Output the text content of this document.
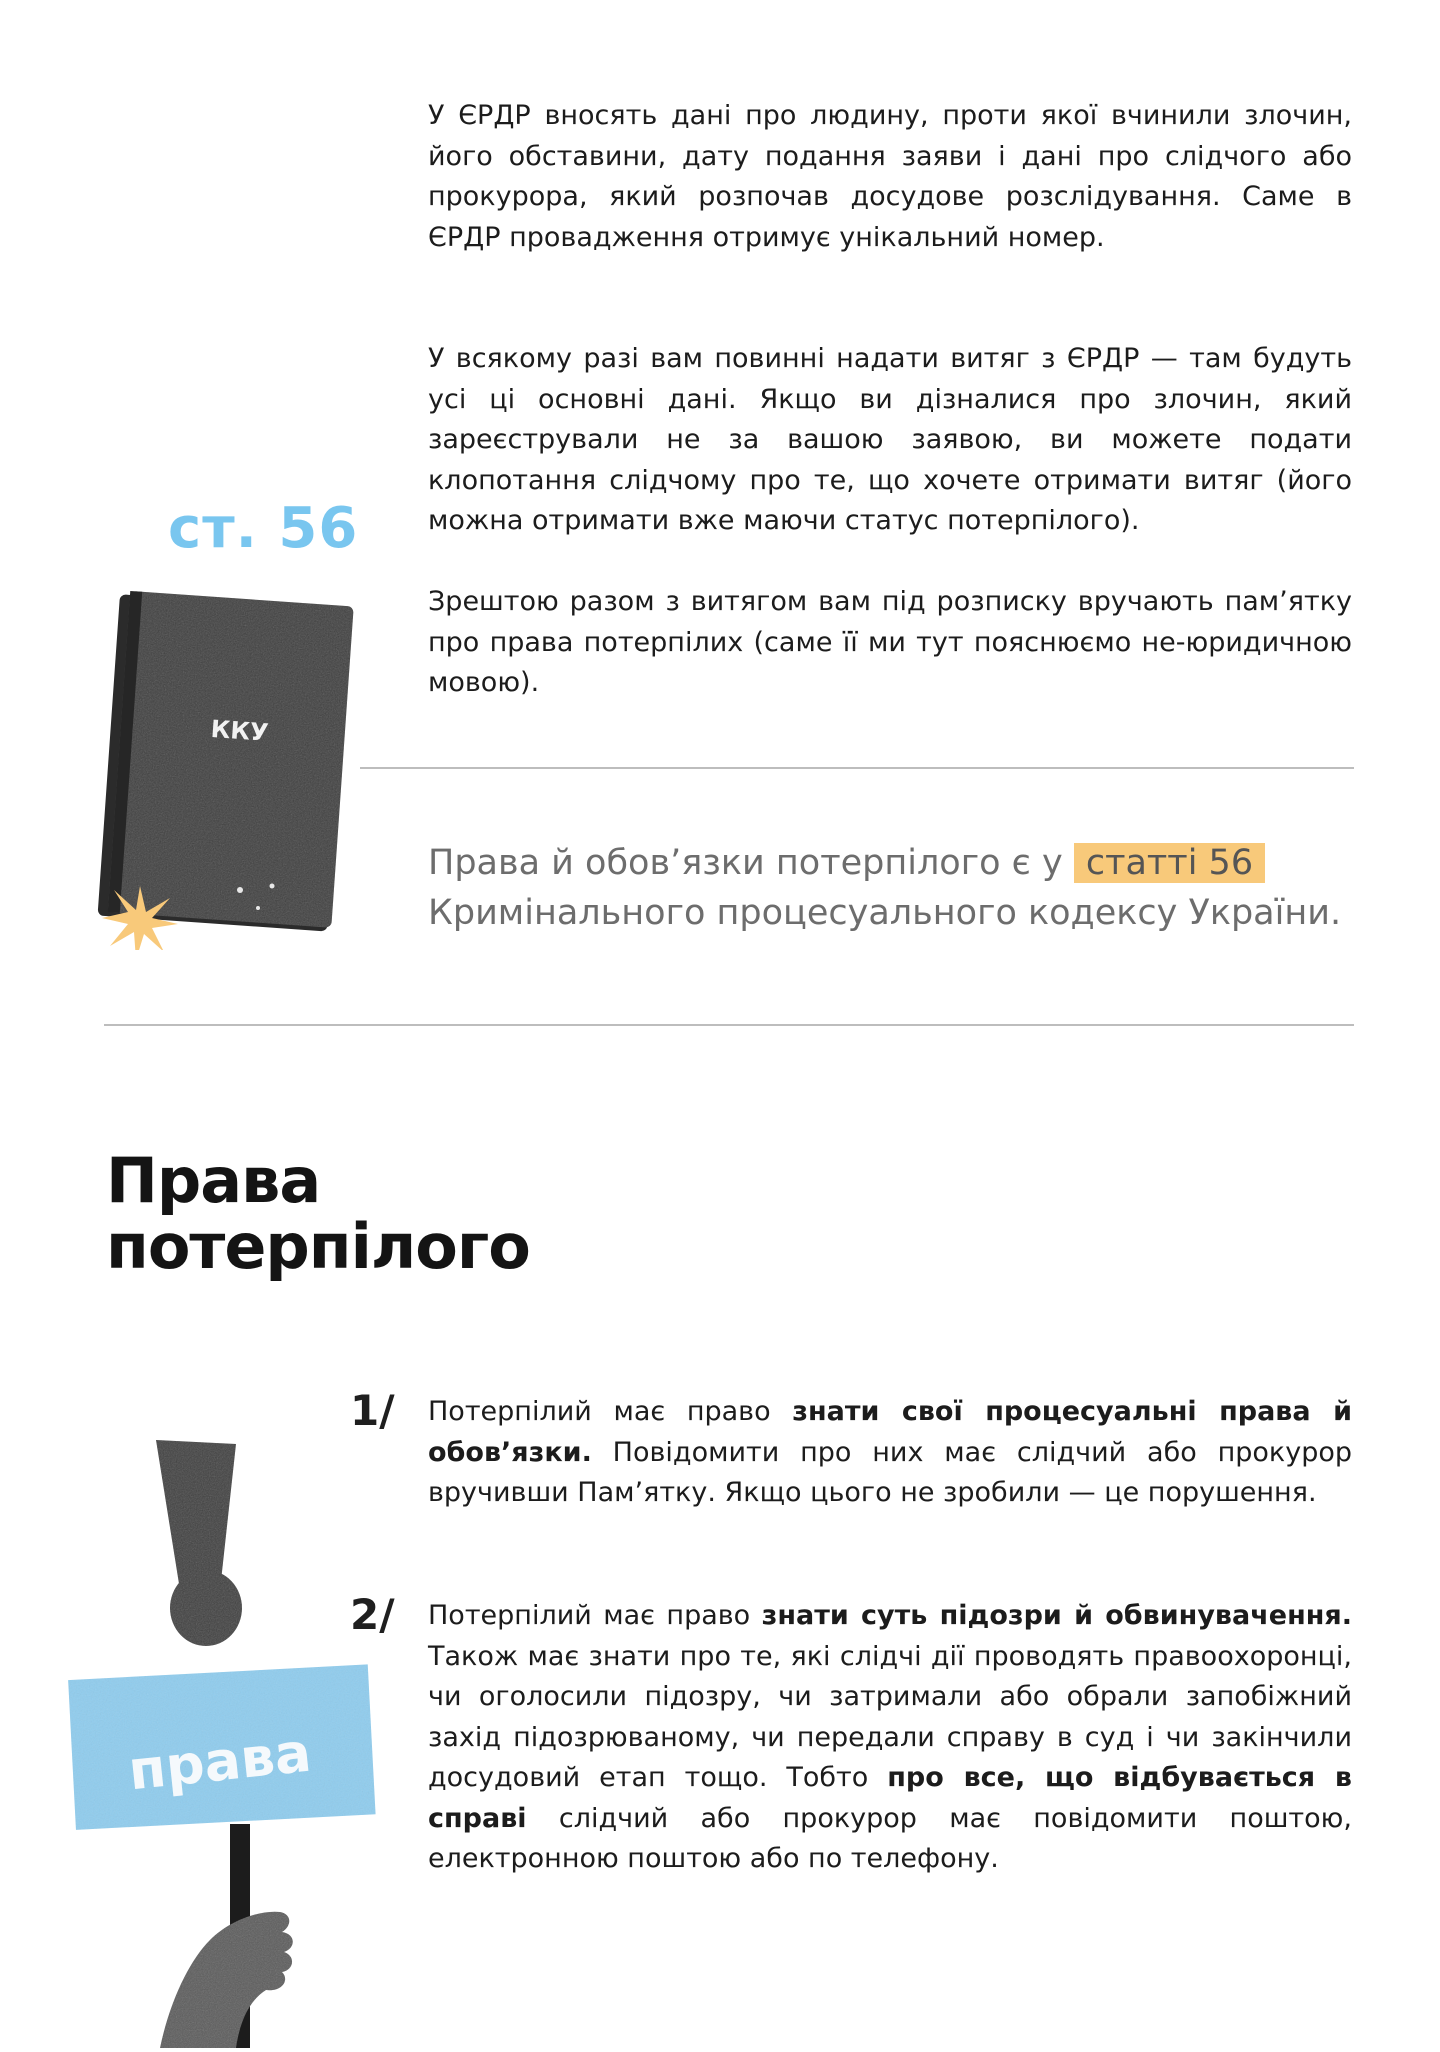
У ЄРДР вносять дані про людину, проти якої вчинили злочин, його обставини, дату подання заяви і дані про слідчого або прокурора, який розпочав досудове розслідування. Саме в ЄРДР провадження отримує унікальний номер.

У всякому разі вам повинні надати витяг з ЄРДР — там будуть усі ці основні дані. Якщо ви дізналися про злочин, який зареєстрували не за вашою заявою, ви можете подати клопотання слідчому про те, що хочете отримати витяг (його можна отримати вже маючи статус потерпілого).

Зрештою разом з витягом вам під розписку вручають пам’ятку про права потерпілих (саме її ми тут пояснюємо не-юридичною мовою).

ст. 56
ККУ

Права й обов’язки потерпілого є у статті 56
Кримінального процесуального кодексу України.

Права
потерпілого
права
1/ Потерпілий має право знати свої процесуальні права й обов’язки. Повідомити про них має слідчий або прокурор вручивши Пам’ятку. Якщо цього не зробили — це порушення.

2/ Потерпілий має право знати суть підозри й обвинувачення. Також має знати про те, які слідчі дії проводять правоохоронці, чи оголосили підозру, чи затримали або обрали запобіжний захід підозрюваному, чи передали справу в суд і чи закінчили досудовий етап тощо. Тобто про все, що відбувається в справі слідчий або прокурор має повідомити поштою, електронною поштою або по телефону.
